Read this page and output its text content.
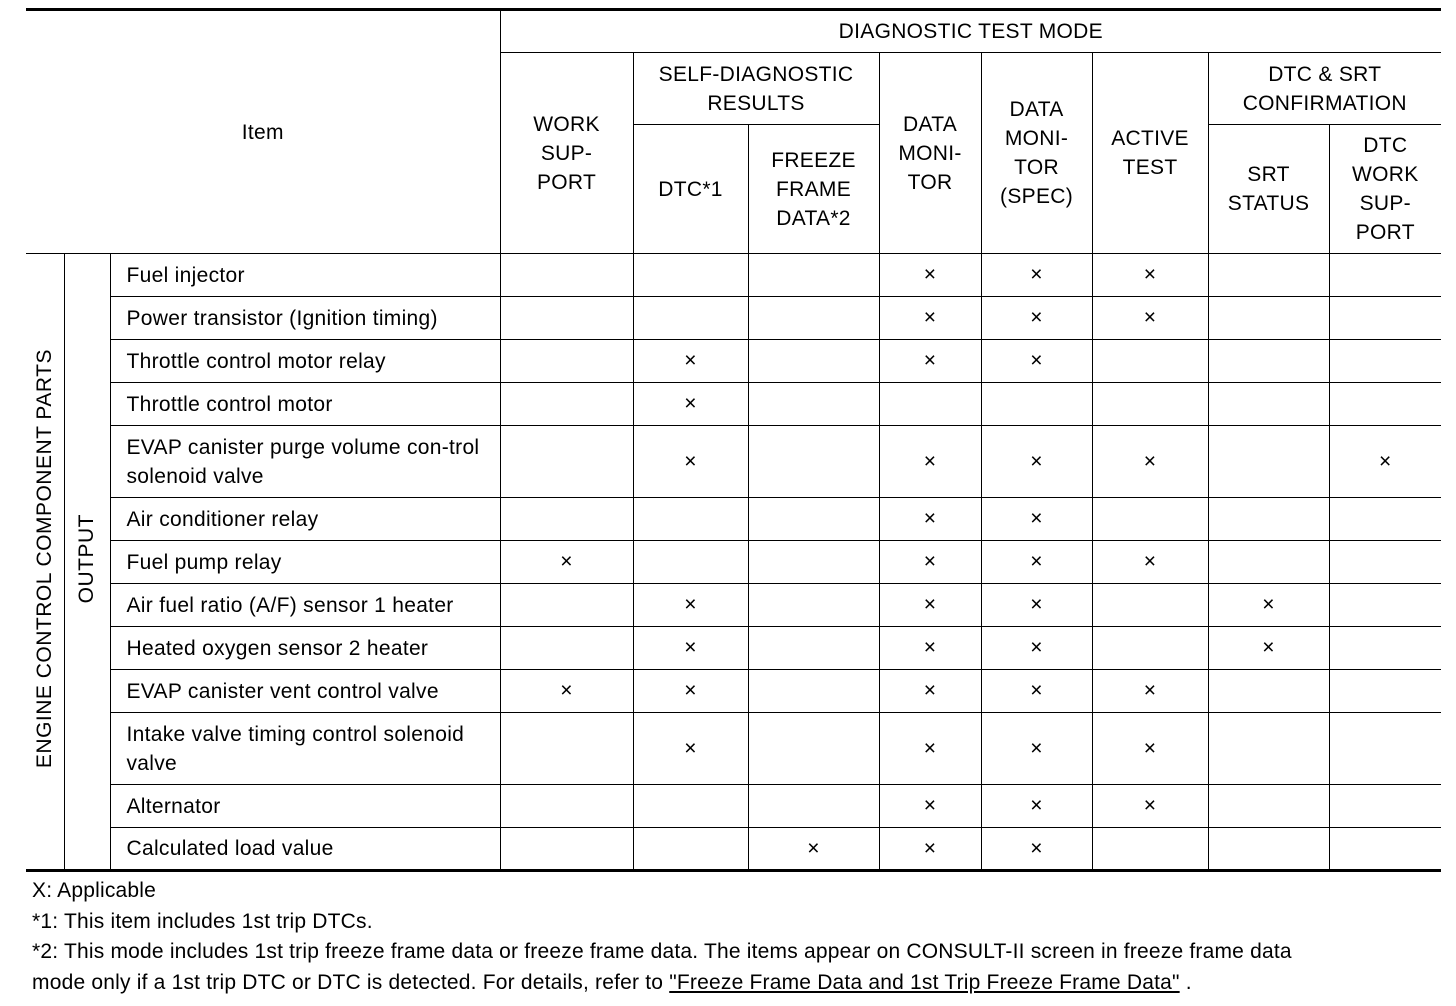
Item			DIAGNOSTIC TEST MODE							
			WORK SUP-PORT	SELF-DIAGNOSTIC RESULTS		DATA MONI-TOR	DATA MONI-TOR (SPEC)	ACTIVE TEST	DTC & SRT CONFIRMATION	
				DTC*1	FREEZE FRAME DATA*2				SRT STATUS	DTC WORK SUP-PORT
ENGINE CONTROL COMPONENT PARTS	OUTPUT	Fuel injector				×	×	×		
		Power transistor (Ignition timing)				×	×	×		
		Throttle control motor relay		×		×	×			
		Throttle control motor		×						
		EVAP canister purge volume con-trol solenoid valve		×		×	×	×		×
		Air conditioner relay				×	×			
		Fuel pump relay	×			×	×	×		
		Air fuel ratio (A/F) sensor 1 heater		×		×	×		×	
		Heated oxygen sensor 2 heater		×		×	×		×	
		EVAP canister vent control valve	×	×		×	×	×		
		Intake valve timing control solenoid valve		×		×	×	×		
		Alternator				×	×	×		
		Calculated load value			×	×	×			
X: Applicable
*1: This item includes 1st trip DTCs.
*2: This mode includes 1st trip freeze frame data or freeze frame data. The items appear on CONSULT-II screen in freeze frame data
mode only if a 1st trip DTC or DTC is detected. For details, refer to "Freeze Frame Data and 1st Trip Freeze Frame Data" .
